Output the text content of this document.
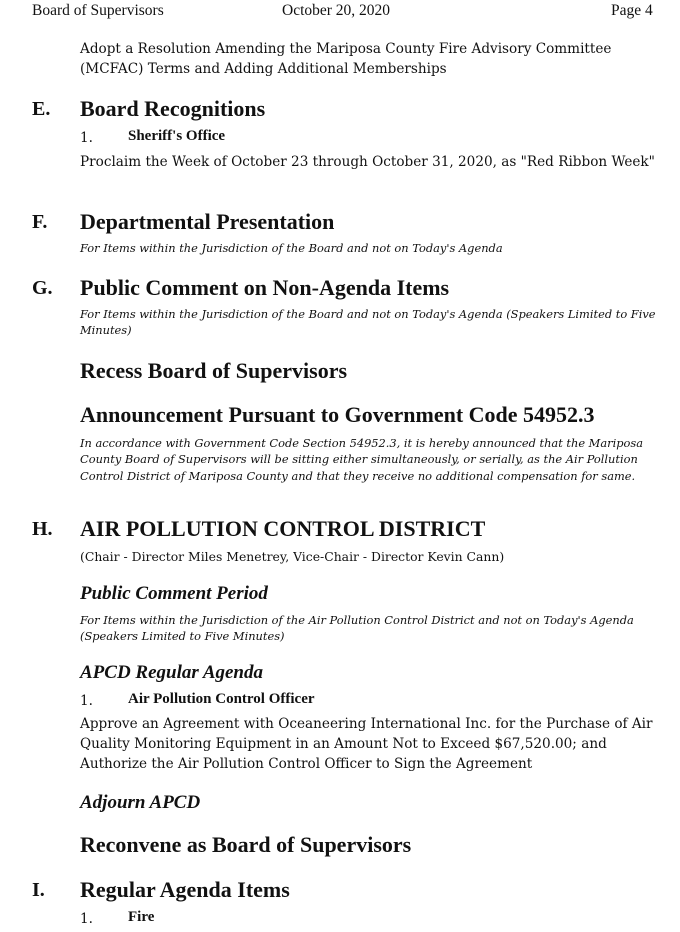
Board of Supervisors	October 20, 2020	Page 4
Adopt a Resolution Amending the Mariposa County Fire Advisory Committee (MCFAC) Terms and Adding Additional Memberships
E. Board Recognitions
1. Sheriff's Office
Proclaim the Week of October 23 through October 31, 2020, as "Red Ribbon Week"
F. Departmental Presentation
For Items within the Jurisdiction of the Board and not on Today's Agenda
G. Public Comment on Non-Agenda Items
For Items within the Jurisdiction of the Board and not on Today's Agenda (Speakers Limited to Five Minutes)
Recess Board of Supervisors
Announcement Pursuant to Government Code 54952.3
In accordance with Government Code Section 54952.3, it is hereby announced that the Mariposa County Board of Supervisors will be sitting either simultaneously, or serially, as the Air Pollution Control District of Mariposa County and that they receive no additional compensation for same.
H. AIR POLLUTION CONTROL DISTRICT
(Chair - Director Miles Menetrey, Vice-Chair - Director Kevin Cann)
Public Comment Period
For Items within the Jurisdiction of the Air Pollution Control District and not on Today's Agenda (Speakers Limited to Five Minutes)
APCD Regular Agenda
1. Air Pollution Control Officer
Approve an Agreement with Oceaneering International Inc. for the Purchase of Air Quality Monitoring Equipment in an Amount Not to Exceed $67,520.00; and Authorize the Air Pollution Control Officer to Sign the Agreement
Adjourn APCD
Reconvene as Board of Supervisors
I. Regular Agenda Items
1. Fire
